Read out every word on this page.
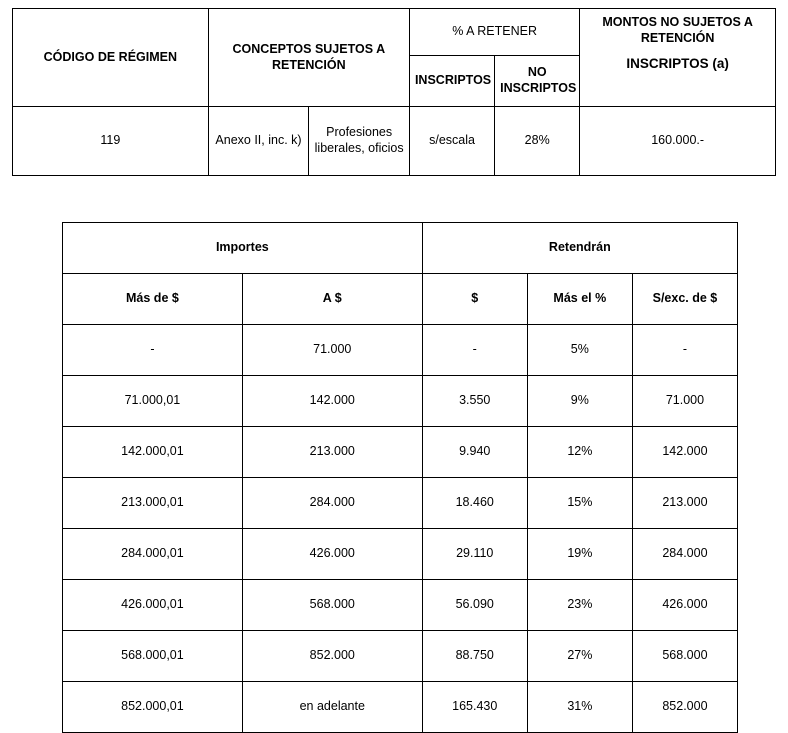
CÓDIGO DE RÉGIMEN	CONCEPTOS SUJETOS A RETENCIÓN		% A RETENER		MONTOS NO SUJETOS A RETENCIÓN
INSCRIPTOS (a)

			INSCRIPTOS	NO INSCRIPTOS	
119	Anexo II, inc. k)	Profesiones liberales, oficios	s/escala	28%	160.000.-
Importes		Retendrán		
Más de $	A $	$	Más el %	S/exc. de $
-	71.000	-	5%	-
71.000,01	142.000	3.550	9%	71.000
142.000,01	213.000	9.940	12%	142.000
213.000,01	284.000	18.460	15%	213.000
284.000,01	426.000	29.110	19%	284.000
426.000,01	568.000	56.090	23%	426.000
568.000,01	852.000	88.750	27%	568.000
852.000,01	en adelante	165.430	31%	852.000
